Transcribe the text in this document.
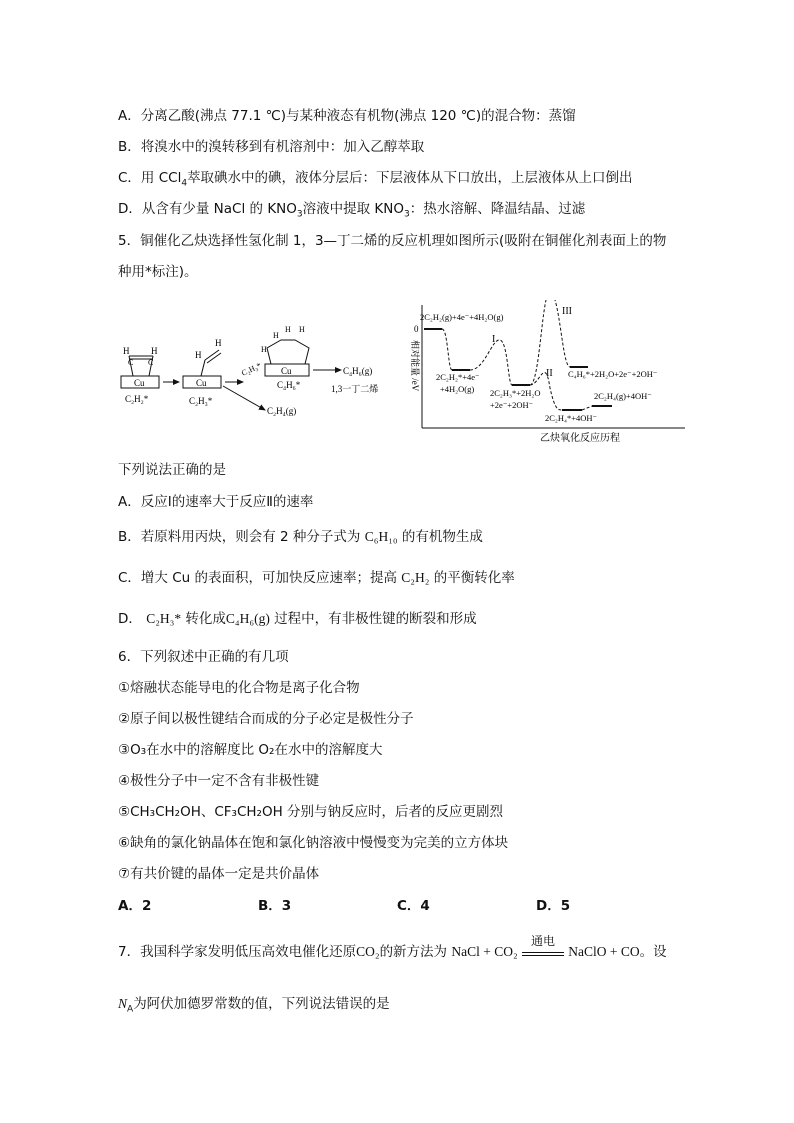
A．分离乙酸(沸点 77.1 ℃)与某种液态有机物(沸点 120 ℃)的混合物：蒸馏
B．将溴水中的溴转移到有机溶剂中：加入乙醇萃取
C．用 CCl$_4$萃取碘水中的碘，液体分层后：下层液体从下口放出，上层液体从上口倒出
D．从含有少量 NaCl 的 $KNO_3$溶液中提取 $KNO_3$：热水溶解、降温结晶、过滤
5．铜催化乙炔选择性氢化制 1，3—丁二烯的反应机理如图所示(吸附在铜催化剂表面上的物
种用*标注)。
Cu
H H
C C
C₂H₂*
Cu
H
H
C₂H₃*
C₂H₃*
C₂H₄(g)
Cu
H H
H
H
C₄H₆*
C₄H₆(g)
1,3一丁二烯
0
相对能量 /eV
乙炔氧化反应历程
2C₂H₂(g)+4e⁻+4H₂O(g)
2C₂H₂*+4e⁻
+4H₂O(g) 2C₂H₃*+2H₂O
+2e⁻+2OH⁻
C₄H₆*+2H₂O+2e⁻+2OH⁻
2C₂H₄(g)+4OH⁻
2C₂H₄*+4OH⁻
I
II
III
下列说法正确的是
A．反应Ⅰ的速率大于反应Ⅱ的速率
B．若原料用丙炔，则会有 2 种分子式为 C₆H₁₀ 的有机物生成
C．增大 Cu 的表面积，可加快反应速率；提高 C₂H₂ 的平衡转化率
D． C₂H₃* 转化成C₄H₆(g) 过程中，有非极性键的断裂和形成
6．下列叙述中正确的有几项
①熔融状态能导电的化合物是离子化合物
②原子间以极性键结合而成的分子必定是极性分子
③O₃在水中的溶解度比 O₂在水中的溶解度大
④极性分子中一定不含有非极性键
⑤CH₃CH₂OH、CF₃CH₂OH 分别与钠反应时，后者的反应更剧烈
⑥缺角的氯化钠晶体在饱和氯化钠溶液中慢慢变为完美的立方体块
⑦有共价键的晶体一定是共价晶体
A．2	B．3	C．4	D．5
7．我国科学家发明低压高效电催化还原CO₂的新方法为 NaCl + CO₂
通电
NaClO + CO。设
$N_A$为阿伏加德罗常数的值，下列说法错误的是
